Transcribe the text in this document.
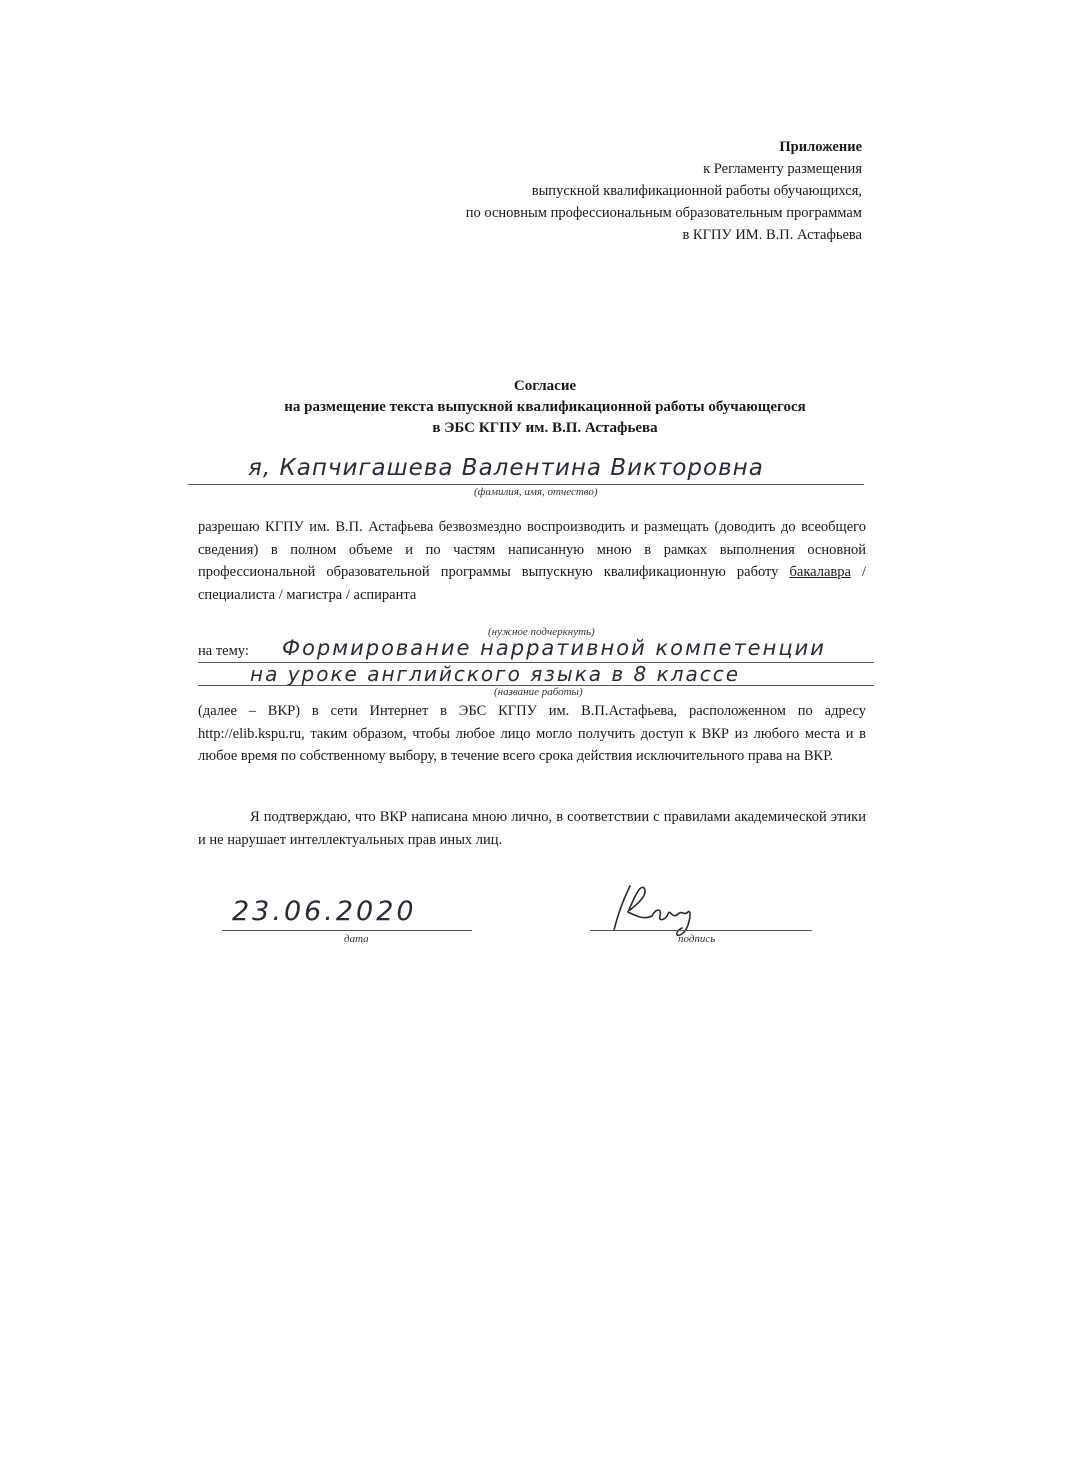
Приложение
к Регламенту размещения
выпускной квалификационной работы обучающихся,
по основным профессиональным образовательным программам
в КГПУ ИМ. В.П. Астафьева
Согласие
на размещение текста выпускной квалификационной работы обучающегося
в ЭБС КГПУ им. В.П. Астафьева
я, Капчигашева Валентина Викторовна
(фамилия, имя, отчество)
разрешаю КГПУ им. В.П. Астафьева безвозмездно воспроизводить и размещать (доводить до всеобщего сведения) в полном объеме и по частям написанную мною в рамках выполнения основной профессиональной образовательной программы выпускную квалификационную работу бакалавра / специалиста / магистра / аспиранта
(нужное подчеркнуть)
на тему: Формирование нарративной компетенции
на уроке английского языка в 8 классе
(название работы)
(далее – ВКР) в сети Интернет в ЭБС КГПУ им. В.П.Астафьева, расположенном по адресу http://elib.kspu.ru, таким образом, чтобы любое лицо могло получить доступ к ВКР из любого места и в любое время по собственному выбору, в течение всего срока действия исключительного права на ВКР.
Я подтверждаю, что ВКР написана мною лично, в соответствии с правилами академической этики и не нарушает интеллектуальных прав иных лиц.
23.06.2020
дата	подпись
